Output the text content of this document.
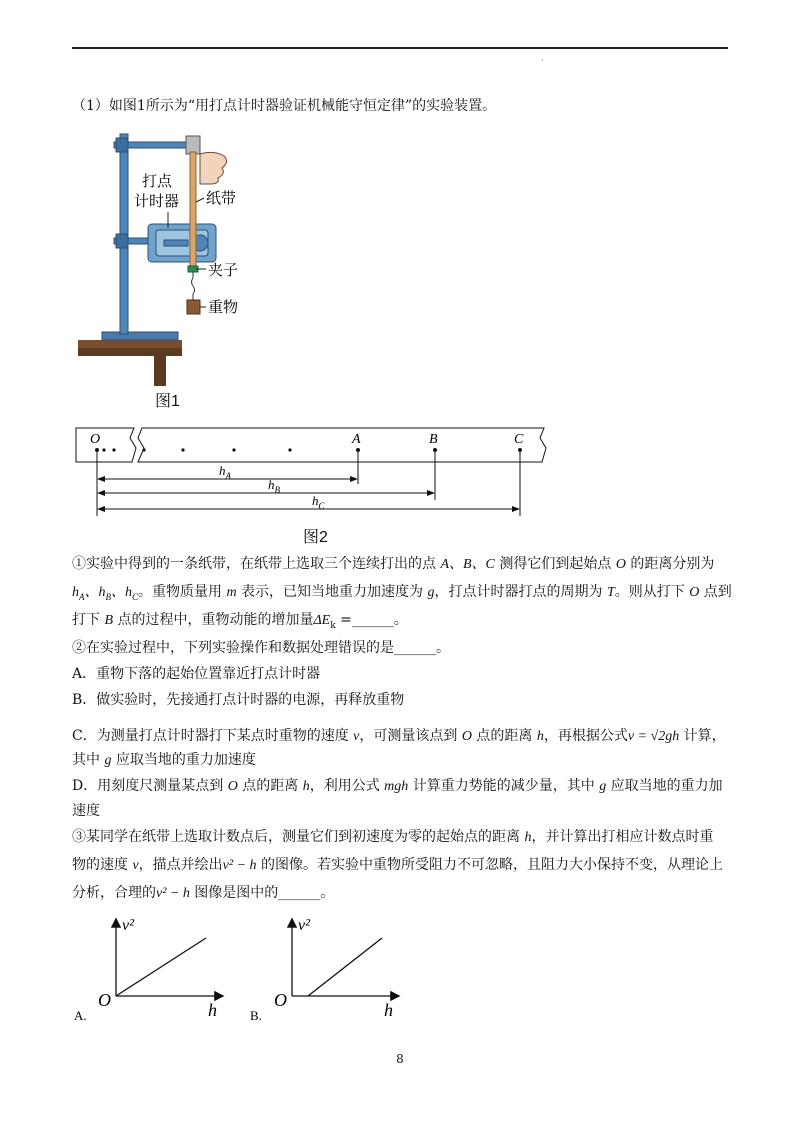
·
（1）如图1所示为“用打点计时器验证机械能守恒定律”的实验装置。
打点
计时器 纸带
夹子
重物
图1
O	A	B	C
$h_A$
$h_B$
$h_C$
图2
①实验中得到的一条纸带，在纸带上选取三个连续打出的点 A、B、C 测得它们到起始点 O 的距离分别为
$h_A$、$h_B$、$h_C$。重物质量用 m 表示，已知当地重力加速度为 g，打点计时器打点的周期为 T。则从打下 O 点到
打下 B 点的过程中，重物动能的增加量$\Delta E_k$ =______。
②在实验过程中，下列实验操作和数据处理错误的是______。
A．重物下落的起始位置靠近打点计时器
B．做实验时，先接通打点计时器的电源，再释放重物
C．为测量打点计时器打下某点时重物的速度 v，可测量该点到 O 点的距离 h，再根据公式v = √2gh 计算，
其中 g 应取当地的重力加速度
D．用刻度尺测量某点到 O 点的距离 h，利用公式 mgh 计算重力势能的减少量，其中 g 应取当地的重力加
速度
③某同学在纸带上选取计数点后，测量它们到初速度为零的起始点的距离 h，并计算出打相应计数点时重
物的速度 v，描点并绘出v² − h 的图像。若实验中重物所受阻力不可忽略，且阻力大小保持不变，从理论上
分析，合理的v² − h 图像是图中的______。
v²
h
O
A.
v²
h
O
B.
8
